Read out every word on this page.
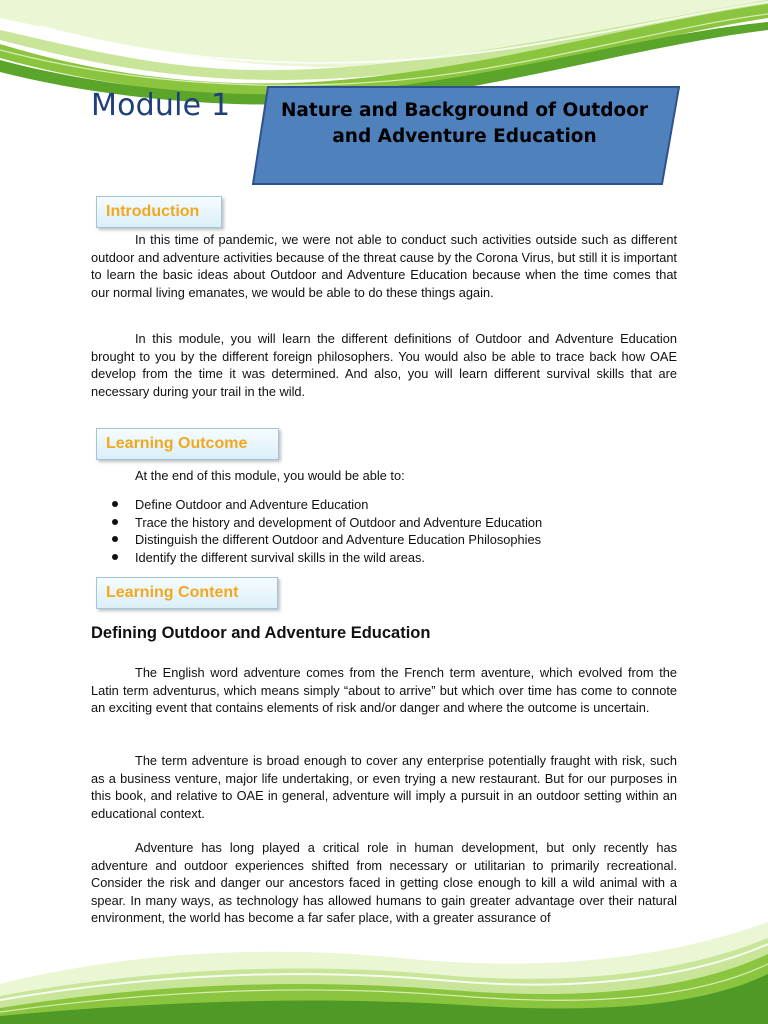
Module 1	Nature and Background of Outdoor
and Adventure Education
Introduction

In this time of pandemic, we were not able to conduct such activities outside such as different outdoor and adventure activities because of the threat cause by the Corona Virus, but still it is important to learn the basic ideas about Outdoor and Adventure Education because when the time comes that our normal living emanates, we would be able to do these things again.

In this module, you will learn the different definitions of Outdoor and Adventure Education brought to you by the different foreign philosophers. You would also be able to trace back how OAE develop from the time it was determined. And also, you will learn different survival skills that are necessary during your trail in the wild.

Learning Outcome
At the end of this module, you would be able to:
Define Outdoor and Adventure Education
Trace the history and development of Outdoor and Adventure Education
Distinguish the different Outdoor and Adventure Education Philosophies
Identify the different survival skills in the wild areas.
Learning Content
Defining Outdoor and Adventure Education

The English word adventure comes from the French term aventure, which evolved from the Latin term adventurus, which means simply “about to arrive” but which over time has come to connote an exciting event that contains elements of risk and/or danger and where the outcome is uncertain.

The term adventure is broad enough to cover any enterprise potentially fraught with risk, such as a business venture, major life undertaking, or even trying a new restaurant. But for our purposes in this book, and relative to OAE in general, adventure will imply a pursuit in an outdoor setting within an educational context.

Adventure has long played a critical role in human development, but only recently has adventure and outdoor experiences shifted from necessary or utilitarian to primarily recreational. Consider the risk and danger our ancestors faced in getting close enough to kill a wild animal with a spear. In many ways, as technology has allowed humans to gain greater advantage over their natural environment, the world has become a far safer place, with a greater assurance of
